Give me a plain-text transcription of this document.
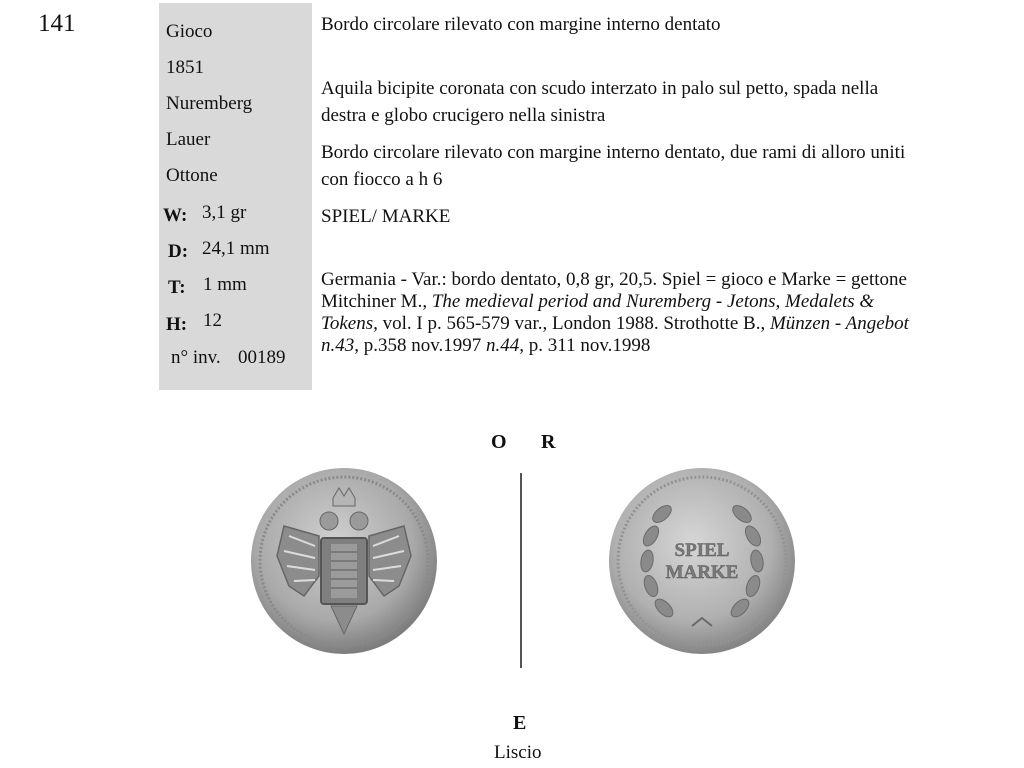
141	Gioco
1851
Nuremberg
Lauer
Ottone
W: 3,1 gr
D: 24,1 mm
T: 1 mm
H: 12
n° inv. 00189
Bordo circolare rilevato con margine interno dentato
Aquila bicipite coronata con scudo interzato in palo sul petto, spada nella destra e globo crucigero nella sinistra
Bordo circolare rilevato con margine interno dentato, due rami di alloro uniti con fiocco a h 6
SPIEL/ MARKE
Germania - Var.: bordo dentato, 0,8 gr, 20,5. Spiel = gioco e Marke = gettone Mitchiner M., The medieval period and Nuremberg - Jetons, Medalets & Tokens, vol. I p. 565-579 var., London 1988. Strothotte B., Münzen - Angebot n.43, p.358 nov.1997 n.44, p. 311 nov.1998
O R
SPIEL
MARKE
E
Liscio
